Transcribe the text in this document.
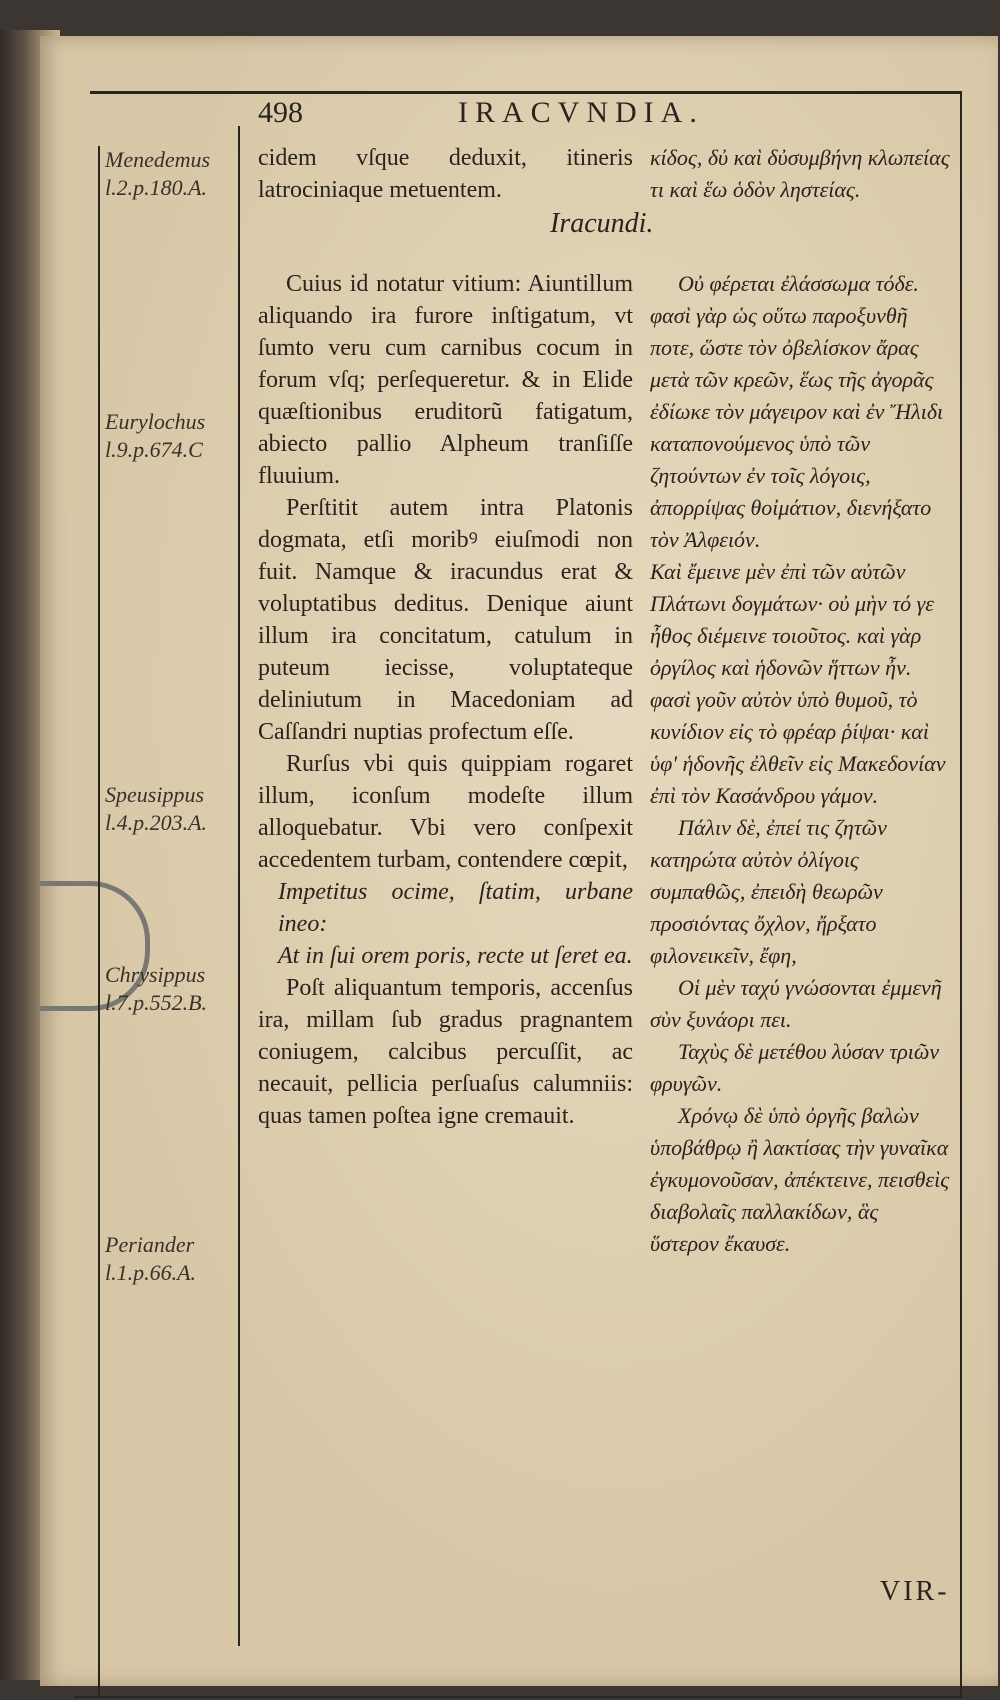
498	IRACVNDIA.
Menedemus l.2.p.180.A.
Eurylochus l.9.p.674.C
Speusippus l.4.p.203.A.
Chrysippus l.7.p.552.B.
Periander l.1.p.66.A.

cidem vſque deduxit, itineris latrociniaque metuentem.

Iracundi.

Cuius id notatur vitium: Aiuntillum aliquando ira furore inſtigatum, vt ſumto veru cum carnibus cocum in forum vſq; perſequeretur. & in Elide quæſtionibus eruditorũ fatigatum, abiecto pallio Alpheum tranſiſſe fluuium.

Perſtitit autem intra Platonis dogmata, etſi moribꝰ eiuſmodi non fuit. Namque & iracundus erat & voluptatibus deditus. Denique aiunt illum ira concitatum, catulum in puteum iecisse, voluptateque deliniutum in Macedoniam ad Caſſandri nuptias profectum eſſe.

Rurſus vbi quis quippiam rogaret illum, iconſum modeſte illum alloquebatur. Vbi vero conſpexit accedentem turbam, contendere cœpit,

Impetitus ocime, ſtatim, urbane ineo:

At in ſui orem poris, recte ut ſeret ea.

Poſt aliquantum temporis, accenſus ira, millam ſub gradus pragnantem coniugem, calcibus percuſſit, ac necauit, pellicia perſuaſus calumniis: quas tamen poſtea igne cremauit.

κίδος, δὐ καὶ δὐσυμβήνη κλωπείας τι καὶ ἕω ὁδὸν ληστείας.

Οὐ φέρεται ἐλάσσωμα τόδε. φασὶ γὰρ ὡς οὕτω παροξυνθῆ ποτε, ὥστε τὸν ὀβελίσκον ἄρας μετὰ τῶν κρεῶν, ἕως τῆς ἀγορᾶς ἐδίωκε τὸν μάγειρον καὶ ἐν Ἤλιδι καταπονούμενος ὑπὸ τῶν ζητούντων ἐν τοῖς λόγοις, ἀπορρίψας θοἰμάτιον, διενήξατο τὸν Ἀλφειόν.

Καὶ ἔμεινε μὲν ἐπὶ τῶν αὐτῶν Πλάτωνι δογμάτων· οὐ μὴν τό γε ἦθος διέμεινε τοιοῦτος. καὶ γὰρ ὀργίλος καὶ ἡδονῶν ἥττων ἦν. φασὶ γοῦν αὐτὸν ὑπὸ θυμοῦ, τὸ κυνίδιον εἰς τὸ φρέαρ ῥίψαι· καὶ ὑφ' ἡδονῆς ἐλθεῖν εἰς Μακεδονίαν ἐπὶ τὸν Κασάνδρου γάμον.

Πάλιν δὲ, ἐπεί τις ζητῶν κατηρώτα αὐτὸν ὀλίγοις συμπαθῶς, ἐπειδὴ θεωρῶν προσιόντας ὄχλον, ἤρξατο φιλονεικεῖν, ἔφη,

Οἱ μὲν ταχύ γνώσονται ἐμμενῆ σὺν ξυνάορι πει.

Ταχὺς δὲ μετέθου λύσαν τριῶν φρυγῶν.

Χρόνῳ δὲ ὑπὸ ὀργῆς βαλὼν ὑποβάθρῳ ἢ λακτίσας τὴν γυναῖκα ἐγκυμονοῦσαν, ἀπέκτεινε, πεισθεὶς διαβολαῖς παλλακίδων, ἃς ὕστερον ἔκαυσε.

VIR-
